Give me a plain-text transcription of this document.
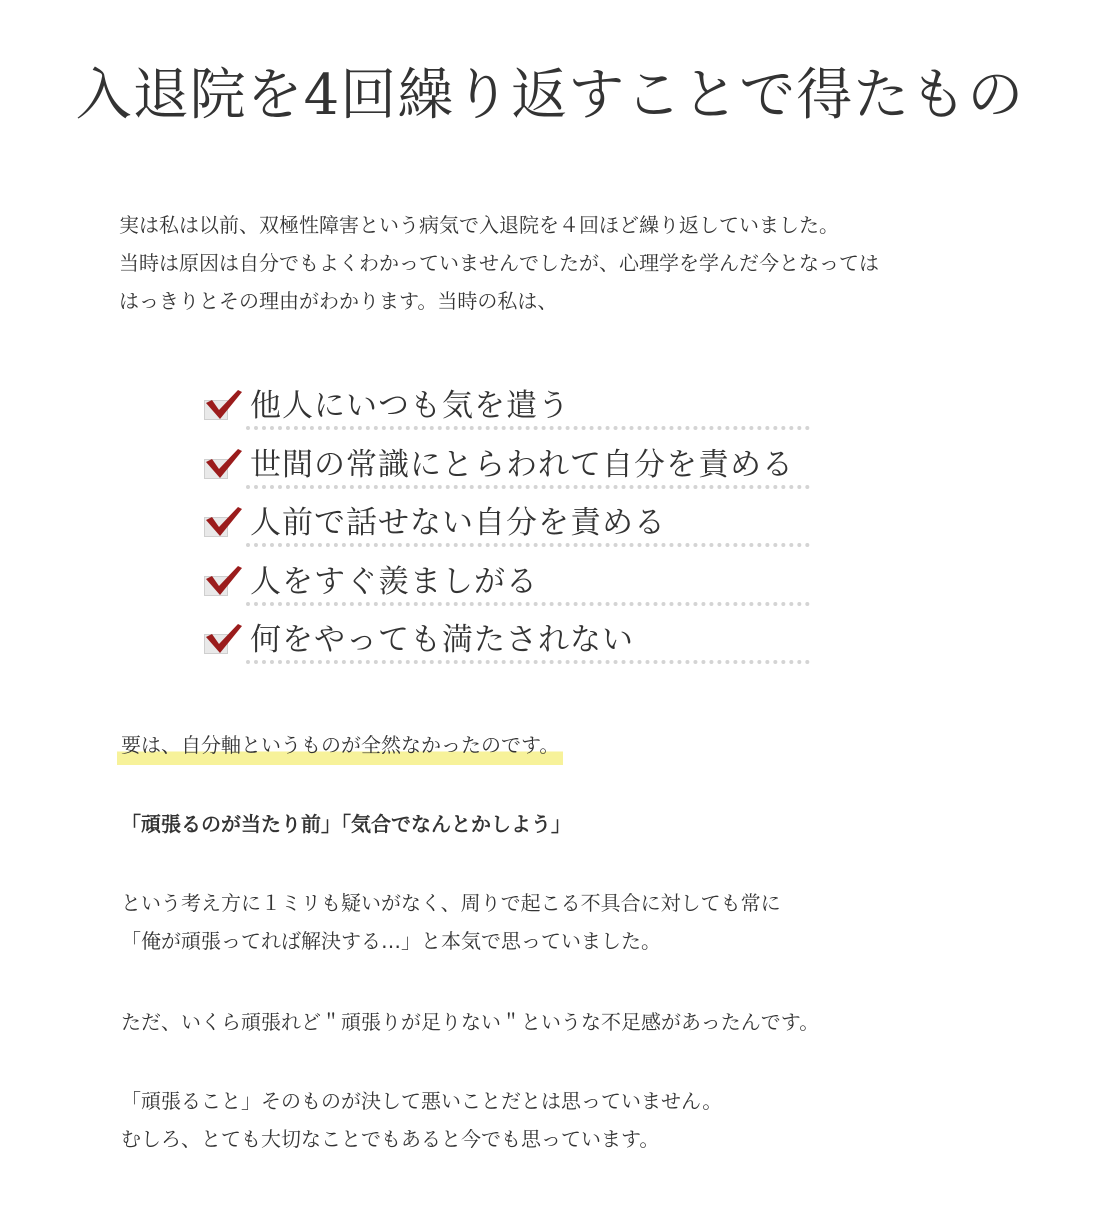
入退院を4回繰り返すことで得たもの

実は私は以前、双極性障害という病気で入退院を４回ほど繰り返していました。

当時は原因は自分でもよくわかっていませんでしたが、心理学を学んだ今となっては

はっきりとその理由がわかります。当時の私は、

他人にいつも気を遣う
世間の常識にとらわれて自分を責める
人前で話せない自分を責める
人をすぐ羨ましがる
何をやっても満たされない

要は、自分軸というものが全然なかったのです。

「頑張るのが当たり前」「気合でなんとかしよう」

という考え方に１ミリも疑いがなく、周りで起こる不具合に対しても常に
「俺が頑張ってれば解決する…」と本気で思っていました。

ただ、いくら頑張れど＂頑張りが足りない＂というな不足感があったんです。

「頑張ること」そのものが決して悪いことだとは思っていません。
むしろ、とても大切なことでもあると今でも思っています。
